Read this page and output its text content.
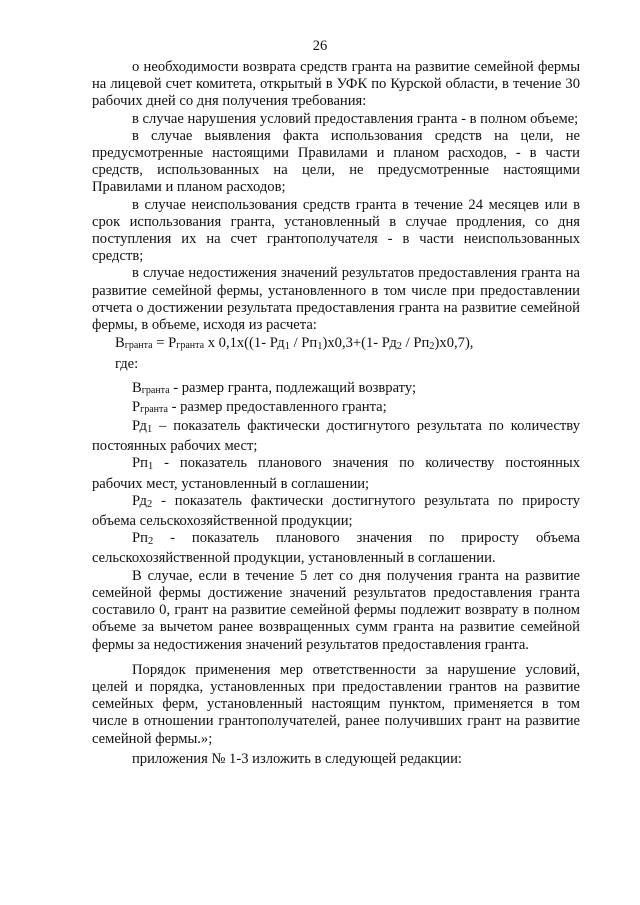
26

о необходимости возврата средств гранта на развитие семейной фермы на лицевой счет комитета, открытый в УФК по Курской области, в течение 30 рабочих дней со дня получения требования:

в случае нарушения условий предоставления гранта - в полном объеме;

в случае выявления факта использования средств на цели, не предусмотренные настоящими Правилами и планом расходов, - в части средств, использованных на цели, не предусмотренные настоящими Правилами и планом расходов;

в случае неиспользования средств гранта в течение 24 месяцев или в срок использования гранта, установленный в случае продления, со дня поступления их на счет грантополучателя - в части неиспользованных средств;

в случае недостижения значений результатов предоставления гранта на развитие семейной фермы, установленного в том числе при предоставлении отчета о достижении результата предоставления гранта на развитие семейной фермы, в объеме, исходя из расчета:

Вгранта = Ргранта х 0,1х((1- Рд1 / Рп1)х0,3+(1- Рд2 / Рп2)х0,7),

где:

Вгранта - размер гранта, подлежащий возврату;

Ргранта - размер предоставленного гранта;

Рд1 – показатель фактически достигнутого результата по количеству постоянных рабочих мест;

Рп1 - показатель планового значения по количеству постоянных рабочих мест, установленный в соглашении;

Рд2 - показатель фактически достигнутого результата по приросту объема сельскохозяйственной продукции;

Рп2 - показатель планового значения по приросту объема сельскохозяйственной продукции, установленный в соглашении.

В случае, если в течение 5 лет со дня получения гранта на развитие семейной фермы достижение значений результатов предоставления гранта составило 0, грант на развитие семейной фермы подлежит возврату в полном объеме за вычетом ранее возвращенных сумм гранта на развитие семейной фермы за недостижения значений результатов предоставления гранта.

Порядок применения мер ответственности за нарушение условий, целей и порядка, установленных при предоставлении грантов на развитие семейных ферм, установленный настоящим пунктом, применяется в том числе в отношении грантополучателей, ранее получивших грант на развитие семейной фермы.»;

приложения № 1-3 изложить в следующей редакции:
